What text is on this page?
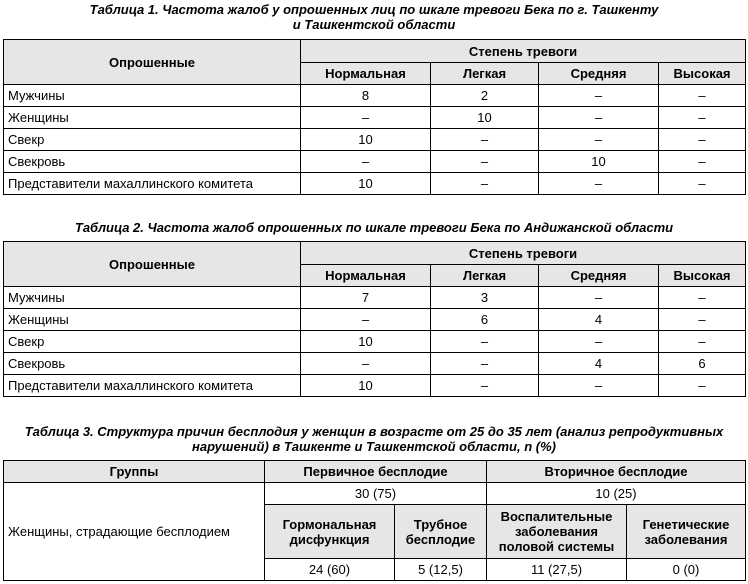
Таблица 1. Частота жалоб у опрошенных лиц по шкале тревоги Бека по г. Ташкенту
и Ташкентской области
Опрошенные	Степень тревоги			
	Нормальная	Легкая	Средняя	Высокая
Мужчины	8	2	–	–
Женщины	–	10	–	–
Свекр	10	–	–	–
Свекровь	–	–	10	–
Представители махаллинского комитета	10	–	–	–
Таблица 2. Частота жалоб опрошенных по шкале тревоги Бека по Андижанской области
Опрошенные	Степень тревоги			
	Нормальная	Легкая	Средняя	Высокая
Мужчины	7	3	–	–
Женщины	–	6	4	–
Свекр	10	–	–	–
Свекровь	–	–	4	6
Представители махаллинского комитета	10	–	–	–
Таблица 3. Структура причин бесплодия у женщин в возрасте от 25 до 35 лет (анализ репродуктивных
нарушений) в Ташкенте и Ташкентской области, n (%)
Группы	Первичное бесплодие		Вторичное бесплодие	
Женщины, страдающие бесплодием	30 (75)		10 (25)	
	Гормональная дисфункция	Трубное бесплодие	Воспалительные заболевания половой системы	Генетические заболевания
	24 (60)	5 (12,5)	11 (27,5)	0 (0)
